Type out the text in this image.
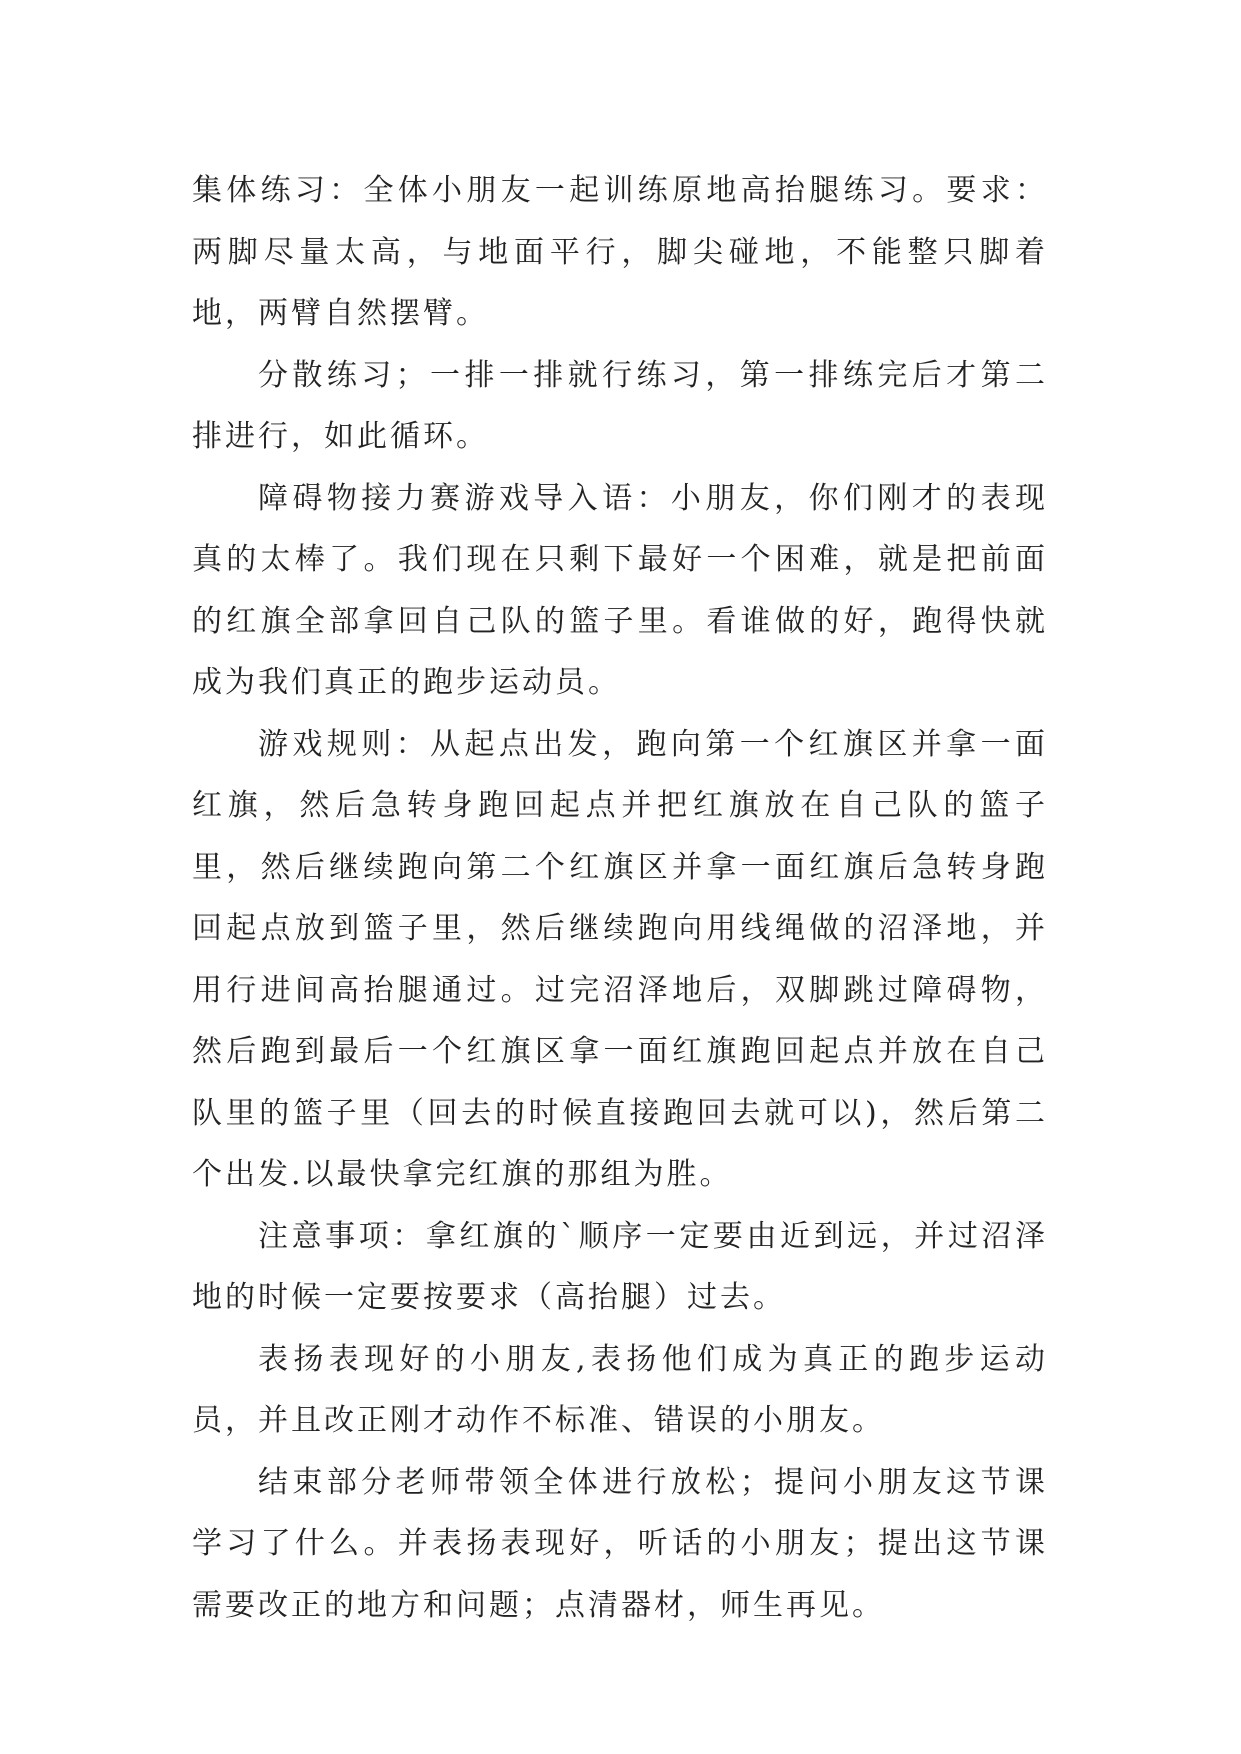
集体练习：全体小朋友一起训练原地高抬腿练习。要求：两脚尽量太高，与地面平行，脚尖碰地，不能整只脚着地，两臂自然摆臂。

分散练习；一排一排就行练习，第一排练完后才第二排进行，如此循环。

障碍物接力赛游戏导入语：小朋友，你们刚才的表现真的太棒了。我们现在只剩下最好一个困难，就是把前面的红旗全部拿回自己队的篮子里。看谁做的好，跑得快就成为我们真正的跑步运动员。

游戏规则：从起点出发，跑向第一个红旗区并拿一面红旗，然后急转身跑回起点并把红旗放在自己队的篮子里，然后继续跑向第二个红旗区并拿一面红旗后急转身跑回起点放到篮子里，然后继续跑向用线绳做的沼泽地，并用行进间高抬腿通过。过完沼泽地后，双脚跳过障碍物，然后跑到最后一个红旗区拿一面红旗跑回起点并放在自己队里的篮子里（回去的时候直接跑回去就可以)，然后第二个出发.以最快拿完红旗的那组为胜。

注意事项：拿红旗的`顺序一定要由近到远，并过沼泽地的时候一定要按要求（高抬腿）过去。

表扬表现好的小朋友,表扬他们成为真正的跑步运动员，并且改正刚才动作不标准、错误的小朋友。

结束部分老师带领全体进行放松；提问小朋友这节课学习了什么。并表扬表现好，听话的小朋友；提出这节课需要改正的地方和问题；点清器材，师生再见。
